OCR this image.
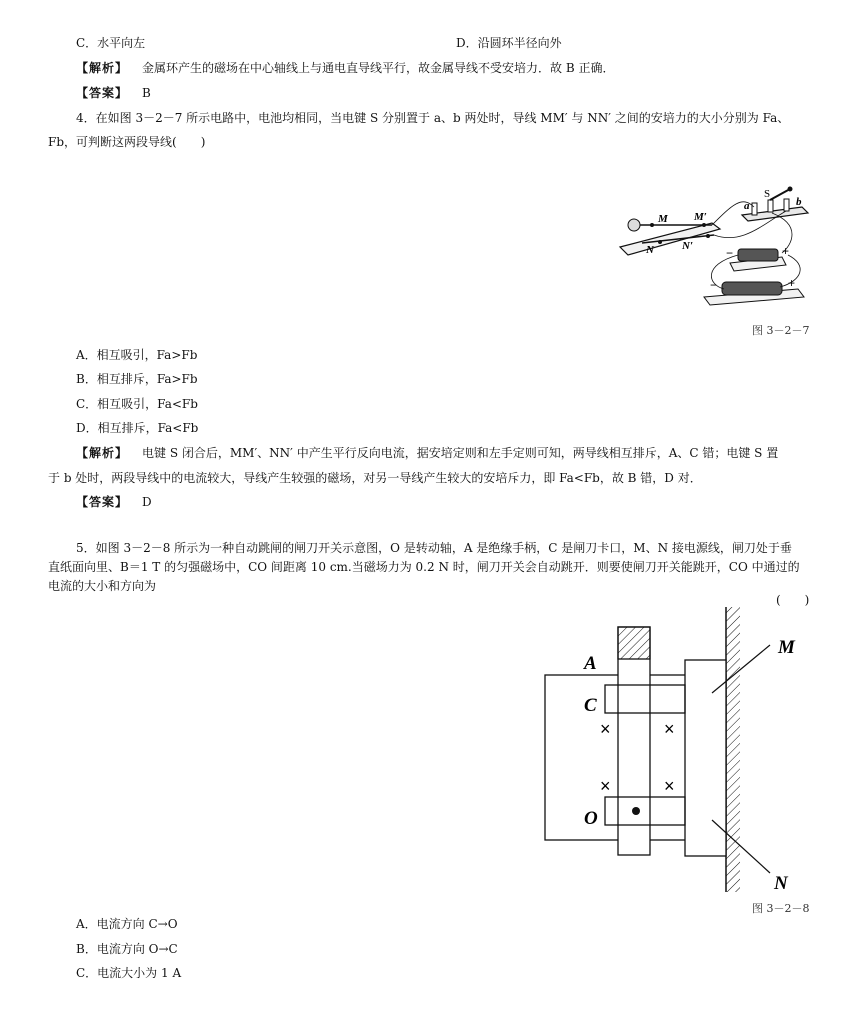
C．水平向左	D．沿圆环半径向外
【解析】 金属环产生的磁场在中心轴线上与通电直导线平行，故金属导线不受安培力．故 B 正确．
【答案】 B
4．在如图 3－2－7 所示电路中，电池均相同，当电键 S 分别置于 a、b 两处时，导线 MM′ 与 NN′ 之间的安培力的大小分别为 Fa、
Fb，可判断这两段导线(　　)
M M′
N	N′
S
a	b
−	+
−	+
图 3－2－7
A．相互吸引，Fa>Fb
B．相互排斥，Fa>Fb
C．相互吸引，Fa<Fb
D．相互排斥，Fa<Fb
【解析】 电键 S 闭合后，MM′、NN′ 中产生平行反向电流，据安培定则和左手定则可知，两导线相互排斥，A、C 错；电键 S 置
于 b 处时，两段导线中的电流较大，导线产生较强的磁场，对另一导线产生较大的安培斥力，即 Fa<Fb，故 B 错，D 对．
【答案】 D
5．如图 3－2－8 所示为一种自动跳闸的闸刀开关示意图，O 是转动轴，A 是绝缘手柄，C 是闸刀卡口，M、N 接电源线，闸刀处于垂
直纸面向里、B＝1 T 的匀强磁场中，CO 间距离 10 cm.当磁场力为 0.2 N 时，闸刀开关会自动跳开．则要使闸刀开关能跳开，CO 中通过的
电流的大小和方向为
(　　)
×	×
×	×
A
C
O
M
N
图 3－2－8
A．电流方向 C→O
B．电流方向 O→C
C．电流大小为 1 A
